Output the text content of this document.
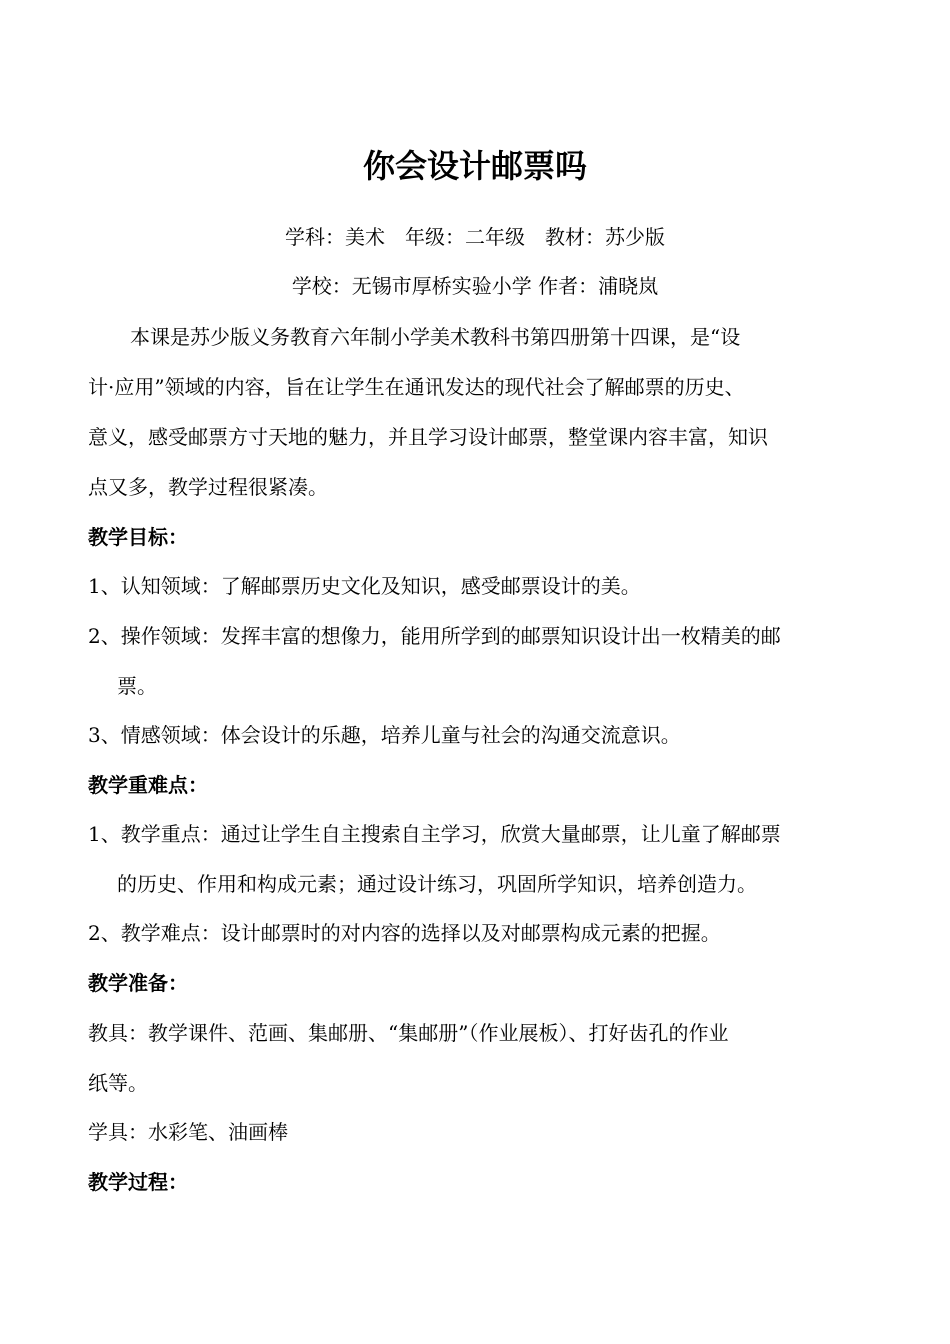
你会设计邮票吗
学科：美术　年级：二年级　教材：苏少版
学校：无锡市厚桥实验小学 作者：浦晓岚
本课是苏少版义务教育六年制小学美术教科书第四册第十四课，是“设
计·应用”领域的内容，旨在让学生在通讯发达的现代社会了解邮票的历史、
意义，感受邮票方寸天地的魅力，并且学习设计邮票，整堂课内容丰富，知识
点又多，教学过程很紧凑。
教学目标：
1、认知领域：了解邮票历史文化及知识，感受邮票设计的美。
2、操作领域：发挥丰富的想像力，能用所学到的邮票知识设计出一枚精美的邮
票。
3、情感领域：体会设计的乐趣，培养儿童与社会的沟通交流意识。
教学重难点：
1、教学重点：通过让学生自主搜索自主学习，欣赏大量邮票，让儿童了解邮票
的历史、作用和构成元素；通过设计练习，巩固所学知识，培养创造力。
2、教学难点：设计邮票时的对内容的选择以及对邮票构成元素的把握。
教学准备：
教具：教学课件、范画、集邮册、“集邮册”（作业展板）、打好齿孔的作业
纸等。
学具：水彩笔、油画棒
教学过程：
